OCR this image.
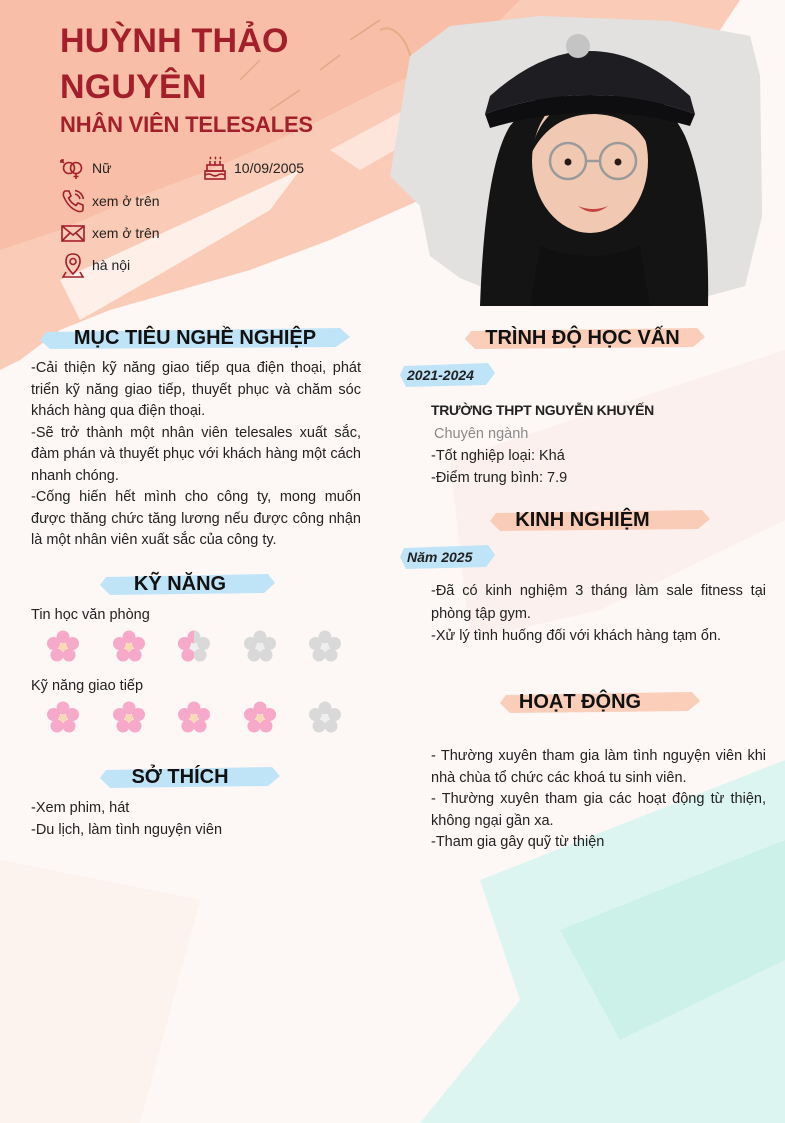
HUỲNH THẢO NGUYÊN
NHÂN VIÊN TELESALES
Nữ	10/09/2005
xem ở trên
xem ở trên
hà nội
MỤC TIÊU NGHỀ NGHIỆP

-Cải thiện kỹ năng giao tiếp qua điện thoại, phát triển kỹ năng giao tiếp, thuyết phục và chăm sóc khách hàng qua điện thoại.

-Sẽ trở thành một nhân viên telesales xuất sắc, đàm phán và thuyết phục với khách hàng một cách nhanh chóng.

-Cống hiến hết mình cho công ty, mong muốn được thăng chức tăng lương nếu được công nhận là một nhân viên xuất sắc của công ty.

KỸ NĂNG
Tin học văn phòng
Kỹ năng giao tiếp
SỞ THÍCH

-Xem phim, hát

-Du lịch, làm tình nguyện viên

TRÌNH ĐỘ HỌC VẤN
2021-2024
TRƯỜNG THPT NGUYỄN KHUYẾN
Chuyên ngành

-Tốt nghiệp loại: Khá

-Điểm trung bình: 7.9

KINH NGHIỆM
Năm 2025

-Đã có kinh nghiệm 3 tháng làm sale fitness tại phòng tập gym.

-Xử lý tình huống đối với khách hàng tạm ổn.

HOẠT ĐỘNG

- Thường xuyên tham gia làm tình nguyện viên khi nhà chùa tổ chức các khoá tu sinh viên.

- Thường xuyên tham gia các hoạt động từ thiện, không ngại gần xa.

-Tham gia gây quỹ từ thiện
